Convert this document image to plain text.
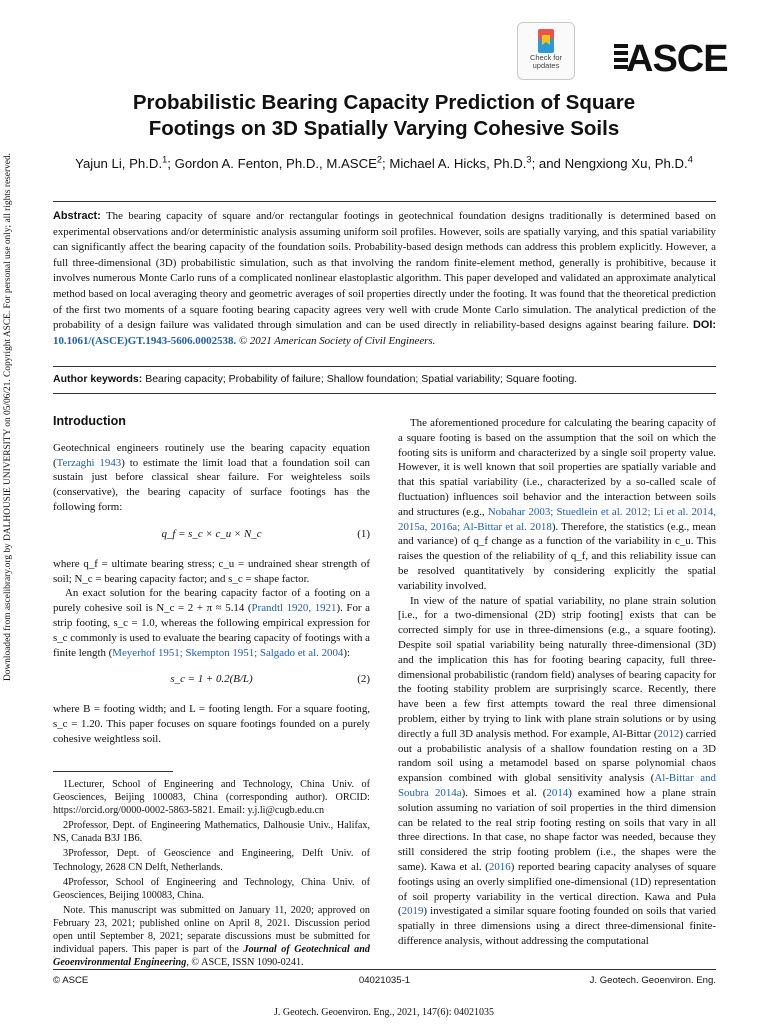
Downloaded from ascelibrary.org by DALHOUSIE UNIVERSITY on 05/06/21. Copyright ASCE. For personal use only; all rights reserved.
Check for
updates	ASCE
Probabilistic Bearing Capacity Prediction of Square
Footings on 3D Spatially Varying Cohesive Soils
Yajun Li, Ph.D.$^1$; Gordon A. Fenton, Ph.D., M.ASCE$^2$; Michael A. Hicks, Ph.D.$^3$; and Nengxiong Xu, Ph.D.$^4$
Abstract: The bearing capacity of square and/or rectangular footings in geotechnical foundation designs traditionally is determined based on experimental observations and/or deterministic analysis assuming uniform soil profiles. However, soils are spatially varying, and this spatial variability can significantly affect the bearing capacity of the foundation soils. Probability-based design methods can address this problem explicitly. However, a full three-dimensional (3D) probabilistic simulation, such as that involving the random finite-element method, generally is prohibitive, because it involves numerous Monte Carlo runs of a complicated nonlinear elastoplastic algorithm. This paper developed and validated an approximate analytical method based on local averaging theory and geometric averages of soil properties directly under the footing. It was found that the theoretical prediction of the first two moments of a square footing bearing capacity agrees very well with crude Monte Carlo simulation. The analytical prediction of the probability of a design failure was validated through simulation and can be used directly in reliability-based designs against bearing failure. DOI: 10.1061/(ASCE)GT.1943-5606.0002538. © 2021 American Society of Civil Engineers.
Author keywords: Bearing capacity; Probability of failure; Shallow foundation; Spatial variability; Square footing.
Introduction

Geotechnical engineers routinely use the bearing capacity equation (Terzaghi 1943) to estimate the limit load that a foundation soil can sustain just before classical shear failure. For weighteless soils (conservative), the bearing capacity of surface footings has the following form:

q_f = s_c × c_u × N_c	(1)

where q_f = ultimate bearing stress; c_u = undrained shear strength of soil; N_c = bearing capacity factor; and s_c = shape factor.

An exact solution for the bearing capacity factor of a footing on a purely cohesive soil is N_c = 2 + π ≈ 5.14 (Prandtl 1920, 1921). For a strip footing, s_c = 1.0, whereas the following empirical expression for s_c commonly is used to evaluate the bearing capacity of footings with a finite length (Meyerhof 1951; Skempton 1951; Salgado et al. 2004):

s_c = 1 + 0.2(B/L)	(2)

where B = footing width; and L = footing length. For a square footing, s_c = 1.20. This paper focuses on square footings founded on a purely cohesive weightless soil.

1Lecturer, School of Engineering and Technology, China Univ. of Geosciences, Beijing 100083, China (corresponding author). ORCID: https://orcid.org/0000-0002-5863-5821. Email: y.j.li@cugb.edu.cn

2Professor, Dept. of Engineering Mathematics, Dalhousie Univ., Halifax, NS, Canada B3J 1B6.

3Professor, Dept. of Geoscience and Engineering, Delft Univ. of Technology, 2628 CN Delft, Netherlands.

4Professor, School of Engineering and Technology, China Univ. of Geosciences, Beijing 100083, China.

Note. This manuscript was submitted on January 11, 2020; approved on February 23, 2021; published online on April 8, 2021. Discussion period open until September 8, 2021; separate discussions must be submitted for individual papers. This paper is part of the Journal of Geotechnical and Geoenvironmental Engineering, © ASCE, ISSN 1090-0241.

The aforementioned procedure for calculating the bearing capacity of a square footing is based on the assumption that the soil on which the footing sits is uniform and characterized by a single soil property value. However, it is well known that soil properties are spatially variable and that this spatial variability (i.e., characterized by a so-called scale of fluctuation) influences soil behavior and the interaction between soils and structures (e.g., Nobahar 2003; Stuedlein et al. 2012; Li et al. 2014, 2015a, 2016a; Al-Bittar et al. 2018). Therefore, the statistics (e.g., mean and variance) of q_f change as a function of the variability in c_u. This raises the question of the reliability of q_f, and this reliability issue can be resolved quantitatively by considering explicitly the spatial variability involved.

In view of the nature of spatial variability, no plane strain solution [i.e., for a two-dimensional (2D) strip footing] exists that can be corrected simply for use in three-dimensions (e.g., a square footing). Despite soil spatial variability being naturally three-dimensional (3D) and the implication this has for footing bearing capacity, full three-dimensional probabilistic (random field) analyses of bearing capacity for the footing stability problem are surprisingly scarce. Recently, there have been a few first attempts toward the real three dimensional problem, either by trying to link with plane strain solutions or by using directly a full 3D analysis method. For example, Al-Bittar (2012) carried out a probabilistic analysis of a shallow foundation resting on a 3D random soil using a metamodel based on sparse polynomial chaos expansion combined with global sensitivity analysis (Al-Bittar and Soubra 2014a). Simoes et al. (2014) examined how a plane strain solution assuming no variation of soil properties in the third dimension can be related to the real strip footing resting on soils that vary in all three directions. In that case, no shape factor was needed, because they still considered the strip footing problem (i.e., the shapes were the same). Kawa et al. (2016) reported bearing capacity analyses of square footings using an overly simplified one-dimensional (1D) representation of soil property variability in the vertical direction. Kawa and Puła (2019) investigated a similar square footing founded on soils that varied spatially in three dimensions using a direct three-dimensional finite-difference analysis, without addressing the computational

© ASCE	04021035-1	J. Geotech. Geoenviron. Eng.
J. Geotech. Geoenviron. Eng., 2021, 147(6): 04021035
